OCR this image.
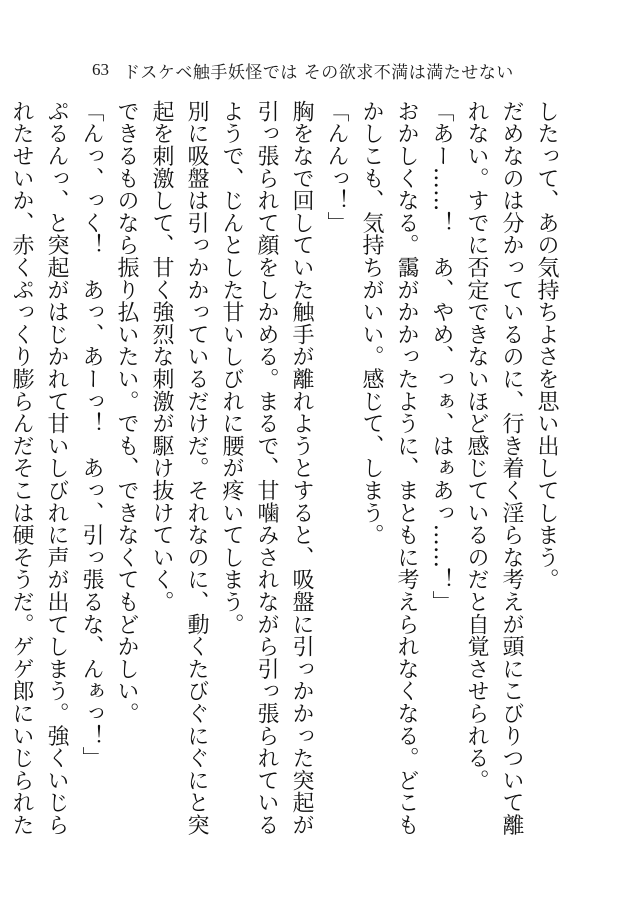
63 ドスケベ触手妖怪では その欲求不満は満たせない

したって、あの気持ちよさを思い出してしまう。

だめなのは分かっているのに、行き着く淫らな考えが頭にこびりついて離れない。すでに否定できないほど感じているのだと自覚させられる。

「あー……！　あ、やめ、っぁ、はぁあっ……！」

おかしくなる。靄がかかったように、まともに考えられなくなる。どこもかしこも、気持ちがいい。感じて、しまう。

「んんっ！」

胸をなで回していた触手が離れようとすると、吸盤に引っかかった突起が引っ張られて顔をしかめる。まるで、甘噛みされながら引っ張られているようで、じんとした甘いしびれに腰が疼いてしまう。

別に吸盤は引っかかっているだけだ。それなのに、動くたびぐにぐにと突起を刺激して、甘く強烈な刺激が駆け抜けていく。

できるものなら振り払いたい。でも、できなくてもどかしい。

「んっ、っく！　あっ、あーっ！　あっ、引っ張るな、んぁっ！」

ぷるんっ、と突起がはじかれて甘いしびれに声が出てしまう。強くいじられたせいか、赤くぷっくり膨らんだそこは硬そうだ。ゲゲ郎にいじられた
